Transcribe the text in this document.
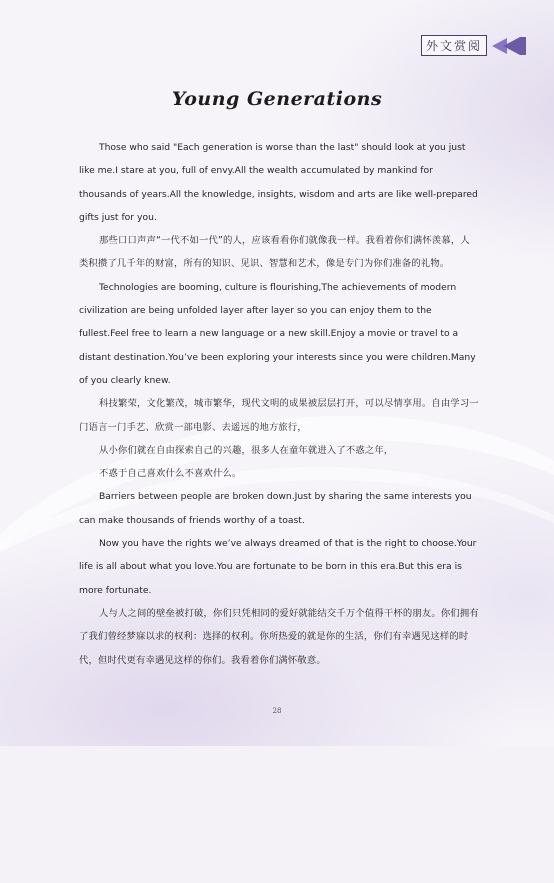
外文赏阅
Young Generations

Those who said "Each generation is worse than the last" should look at you just like me.I stare at you, full of envy.All the wealth accumulated by mankind for thousands of years.All the knowledge, insights, wisdom and arts are like well-prepared gifts just for you.

那些口口声声“一代不如一代”的人，应该看看你们就像我一样。我看着你们满怀羡慕，人类积攒了几千年的财富，所有的知识、见识、智慧和艺术，像是专门为你们准备的礼物。

Technologies are booming, culture is flourishing,The achievements of modern civilization are being unfolded layer after layer so you can enjoy them to the fullest.Feel free to learn a new language or a new skill.Enjoy a movie or travel to a distant destination.You’ve been exploring your interests since you were children.Many of you clearly knew.

科技繁荣，文化繁茂，城市繁华，现代文明的成果被层层打开，可以尽情享用。自由学习一门语言一门手艺、欣赏一部电影、去遥远的地方旅行，

从小你们就在自由探索自己的兴趣，很多人在童年就进入了不惑之年，

不惑于自己喜欢什么不喜欢什么。

Barriers between people are broken down.Just by sharing the same interests you can make thousands of friends worthy of a toast.

Now you have the rights we’ve always dreamed of that is the right to choose.Your life is all about what you love.You are fortunate to be born in this era.But this era is more fortunate.

人与人之间的壁垒被打破，你们只凭相同的爱好就能结交千万个值得干杯的朋友。你们拥有了我们曾经梦寐以求的权利：选择的权利。你所热爱的就是你的生活，你们有幸遇见这样的时代，但时代更有幸遇见这样的你们。我看着你们满怀敬意。

28
